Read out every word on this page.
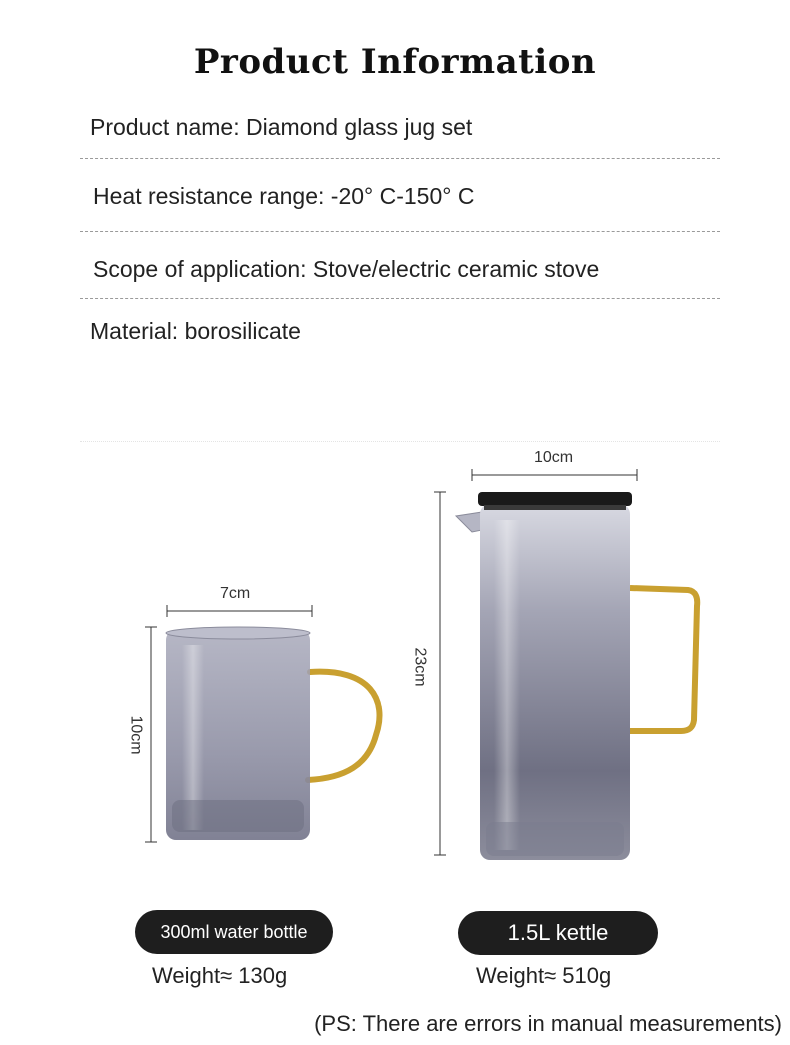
Product Information
Product name: Diamond glass jug set
Heat resistance range: -20° C-150° C
Scope of application: Stove/electric ceramic stove
Material: borosilicate
7cm
10cm
10cm
23cm
300ml water bottle	1.5L kettle
Weight≈ 130g	Weight≈ 510g
(PS: There are errors in manual measurements)
